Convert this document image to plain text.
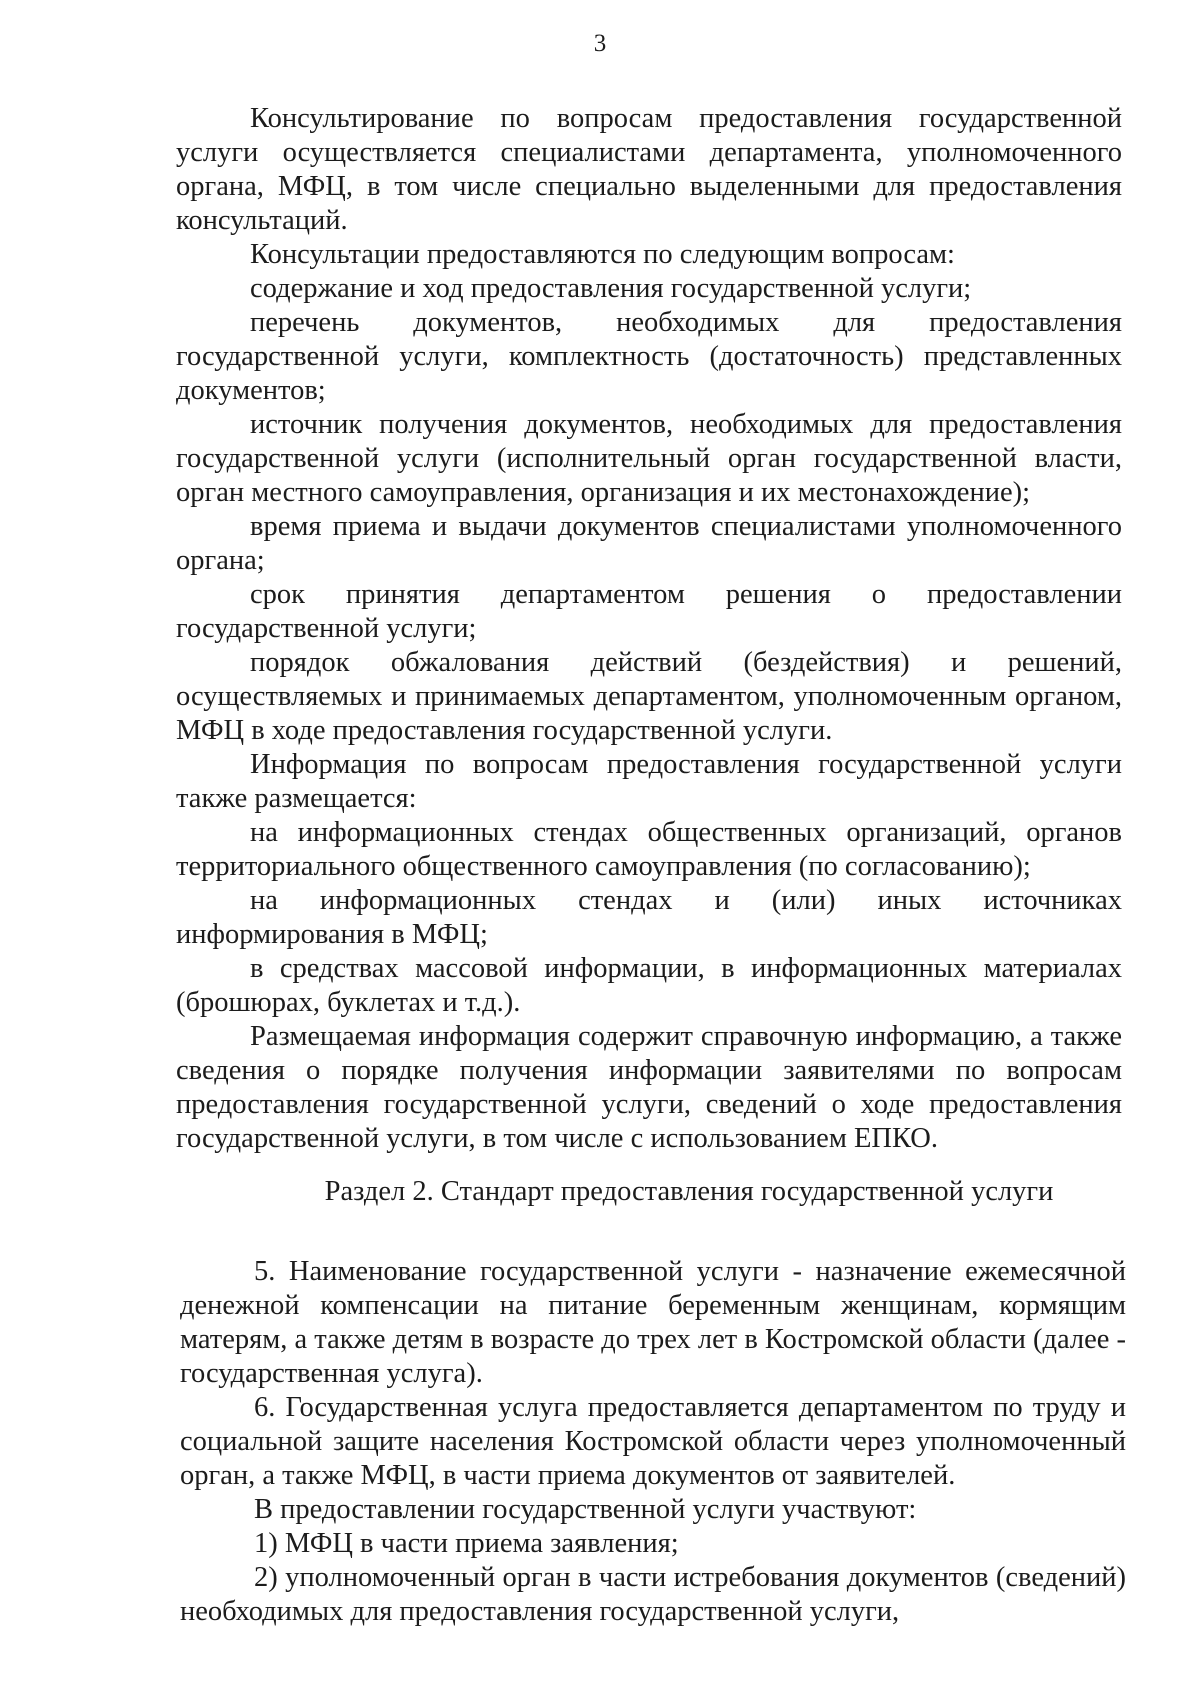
3

Консультирование по вопросам предоставления государственной услуги осуществляется специалистами департамента, уполномоченного органа, МФЦ, в том числе специально выделенными для предоставления консультаций.

Консультации предоставляются по следующим вопросам:

содержание и ход предоставления государственной услуги;

перечень документов, необходимых для предоставления государственной услуги, комплектность (достаточность) представленных документов;

источник получения документов, необходимых для предоставления государственной услуги (исполнительный орган государственной власти, орган местного самоуправления, организация и их местонахождение);

время приема и выдачи документов специалистами уполномоченного органа;

срок принятия департаментом решения о предоставлении государственной услуги;

порядок обжалования действий (бездействия) и решений, осуществляемых и принимаемых департаментом, уполномоченным органом, МФЦ в ходе предоставления государственной услуги.

Информация по вопросам предоставления государственной услуги также размещается:

на информационных стендах общественных организаций, органов территориального общественного самоуправления (по согласованию);

на информационных стендах и (или) иных источниках информирования в МФЦ;

в средствах массовой информации, в информационных материалах (брошюрах, буклетах и т.д.).

Размещаемая информация содержит справочную информацию, а также сведения о порядке получения информации заявителями по вопросам предоставления государственной услуги, сведений о ходе предоставления государственной услуги, в том числе с использованием ЕПКО.

Раздел 2. Стандарт предоставления государственной услуги

5. Наименование государственной услуги - назначение ежемесячной денежной компенсации на питание беременным женщинам, кормящим матерям, а также детям в возрасте до трех лет в Костромской области (далее - государственная услуга).

6. Государственная услуга предоставляется департаментом по труду и социальной защите населения Костромской области через уполномоченный орган, а также МФЦ, в части приема документов от заявителей.

В предоставлении государственной услуги участвуют:

1) МФЦ в части приема заявления;

2) уполномоченный орган в части истребования документов (сведений) необходимых для предоставления государственной услуги,
